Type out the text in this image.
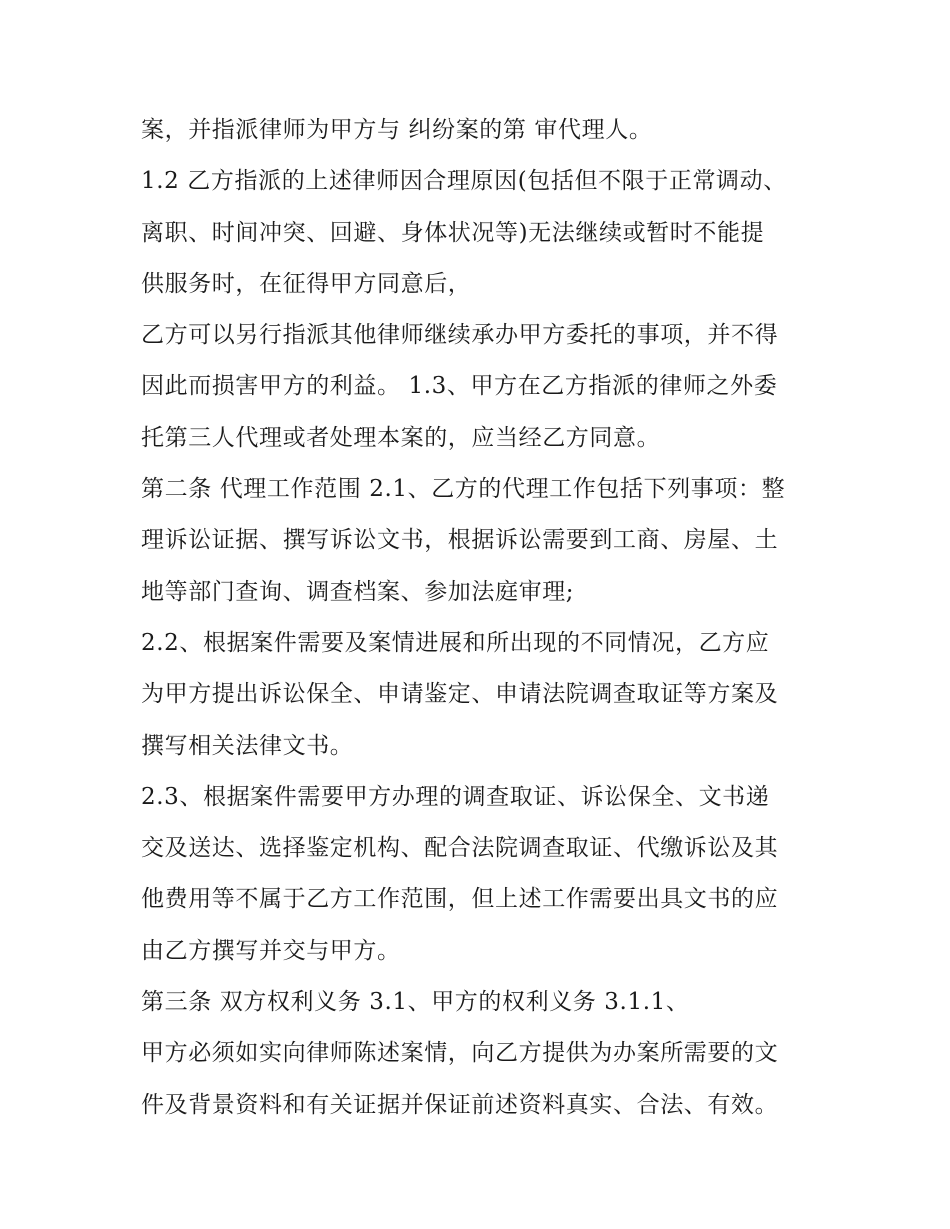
案，并指派律师为甲方与 纠纷案的第 审代理人。
1.2 乙方指派的上述律师因合理原因(包括但不限于正常调动、
离职、时间冲突、回避、身体状况等)无法继续或暂时不能提
供服务时，在征得甲方同意后，
乙方可以另行指派其他律师继续承办甲方委托的事项，并不得
因此而损害甲方的利益。 1.3、甲方在乙方指派的律师之外委
托第三人代理或者处理本案的，应当经乙方同意。
第二条 代理工作范围 2.1、乙方的代理工作包括下列事项：整
理诉讼证据、撰写诉讼文书，根据诉讼需要到工商、房屋、土
地等部门查询、调查档案、参加法庭审理;
2.2、根据案件需要及案情进展和所出现的不同情况，乙方应
为甲方提出诉讼保全、申请鉴定、申请法院调查取证等方案及
撰写相关法律文书。
2.3、根据案件需要甲方办理的调查取证、诉讼保全、文书递
交及送达、选择鉴定机构、配合法院调查取证、代缴诉讼及其
他费用等不属于乙方工作范围，但上述工作需要出具文书的应
由乙方撰写并交与甲方。
第三条 双方权利义务 3.1、甲方的权利义务 3.1.1、
甲方必须如实向律师陈述案情，向乙方提供为办案所需要的文
件及背景资料和有关证据并保证前述资料真实、合法、有效。
